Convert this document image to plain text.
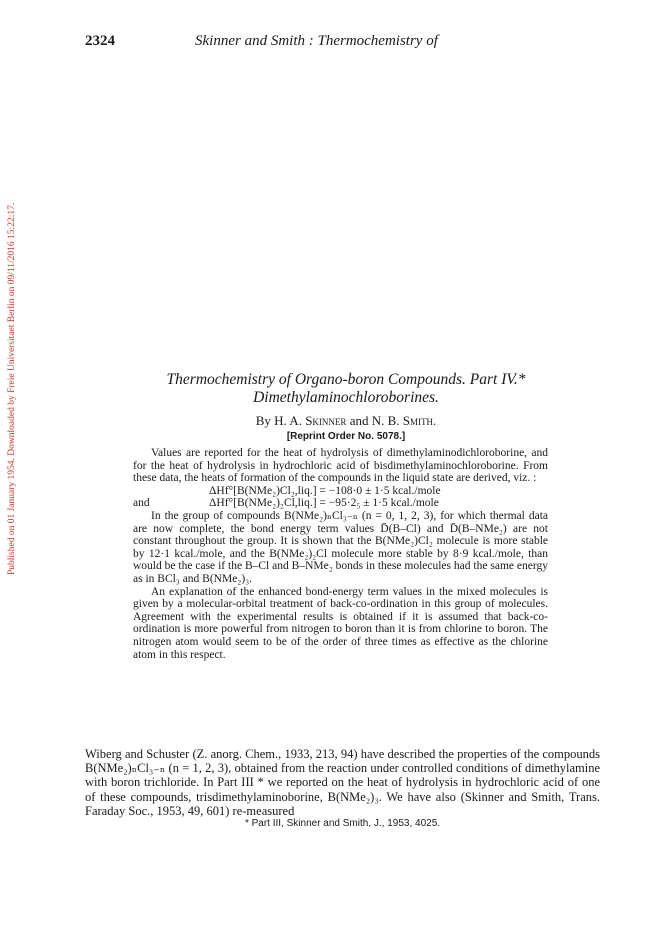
2324	Skinner and Smith : Thermochemistry of
Published on 01 January 1954. Downloaded by Freie Universitaet Berlin on 09/11/2016 15:22:17.	Thermochemistry of Organo-boron Compounds. Part IV.*
Dimethylaminochloroborines.
By H. A. Skinner and N. B. Smith.
[Reprint Order No. 5078.]

Values are reported for the heat of hydrolysis of dimethylaminodichloroborine, and for the heat of hydrolysis in hydrochloric acid of bisdimethylaminochloroborine. From these data, the heats of formation of the compounds in the liquid state are derived, viz. :

ΔHf°[B(NMe₂)Cl₂,liq.] = −108·0 ± 1·5 kcal./mole
and	ΔHf°[B(NMe₂)₂Cl,liq.] = −95·2₅ ± 1·5 kcal./mole

In the group of compounds B(NMe₂)ₙCl₃₋ₙ (n = 0, 1, 2, 3), for which thermal data are now complete, the bond energy term values D̄(B–Cl) and D̄(B–NMe₂) are not constant throughout the group. It is shown that the B(NMe₂)Cl₂ molecule is more stable by 12·1 kcal./mole, and the B(NMe₂)₂Cl molecule more stable by 8·9 kcal./mole, than would be the case if the B–Cl and B–NMe₂ bonds in these molecules had the same energy as in BCl₃ and B(NMe₂)₃.

An explanation of the enhanced bond-energy term values in the mixed molecules is given by a molecular-orbital treatment of back-co-ordination in this group of molecules. Agreement with the experimental results is obtained if it is assumed that back-co-ordination is more powerful from nitrogen to boron than it is from chlorine to boron. The nitrogen atom would seem to be of the order of three times as effective as the chlorine atom in this respect.

Wiberg and Schuster (Z. anorg. Chem., 1933, 213, 94) have described the properties of the compounds B(NMe₂)ₙCl₃₋ₙ (n = 1, 2, 3), obtained from the reaction under controlled conditions of dimethylamine with boron trichloride. In Part III * we reported on the heat of hydrolysis in hydrochloric acid of one of these compounds, trisdimethylaminoborine, B(NMe₂)₃. We have also (Skinner and Smith, Trans. Faraday Soc., 1953, 49, 601) re-measured

* Part III, Skinner and Smith, J., 1953, 4025.
